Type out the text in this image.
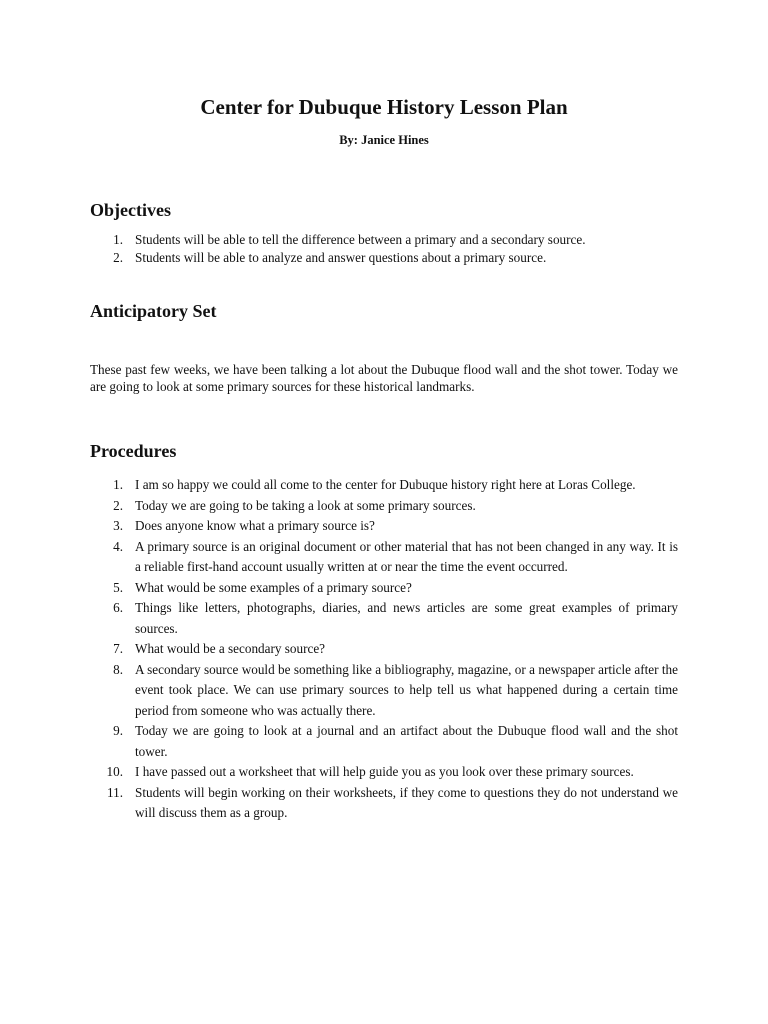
Center for Dubuque History Lesson Plan
By: Janice Hines
Objectives
1. Students will be able to tell the difference between a primary and a secondary source.
2. Students will be able to analyze and answer questions about a primary source.
Anticipatory Set

These past few weeks, we have been talking a lot about the Dubuque flood wall and the shot tower. Today we are going to look at some primary sources for these historical landmarks.

Procedures
1. I am so happy we could all come to the center for Dubuque history right here at Loras College.
2. Today we are going to be taking a look at some primary sources.
3. Does anyone know what a primary source is?
4. A primary source is an original document or other material that has not been changed in any way. It is a reliable first-hand account usually written at or near the time the event occurred.
5. What would be some examples of a primary source?
6. Things like letters, photographs, diaries, and news articles are some great examples of primary sources.
7. What would be a secondary source?
8. A secondary source would be something like a bibliography, magazine, or a newspaper article after the event took place. We can use primary sources to help tell us what happened during a certain time period from someone who was actually there.
9. Today we are going to look at a journal and an artifact about the Dubuque flood wall and the shot tower.
10. I have passed out a worksheet that will help guide you as you look over these primary sources.
11. Students will begin working on their worksheets, if they come to questions they do not understand we will discuss them as a group.
